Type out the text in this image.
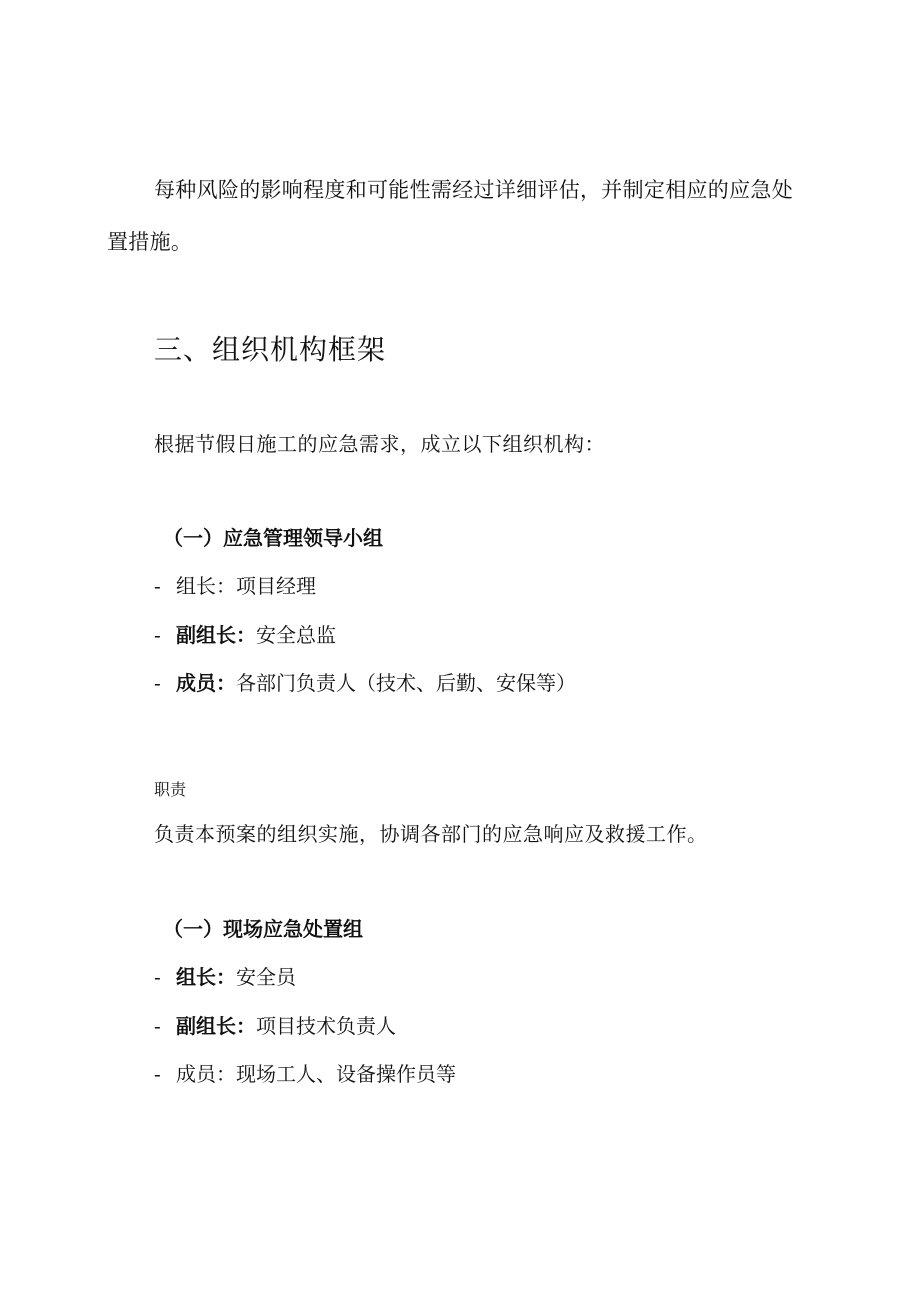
每种风险的影响程度和可能性需经过详细评估，并制定相应的应急处置措施。

三、组织机构框架

根据节假日施工的应急需求，成立以下组织机构：

（一）应急管理领导小组

- 组长：项目经理

- 副组长：安全总监

- 成员：各部门负责人（技术、后勤、安保等）

职责

负责本预案的组织实施，协调各部门的应急响应及救援工作。

（一）现场应急处置组

- 组长：安全员

- 副组长：项目技术负责人

- 成员：现场工人、设备操作员等
